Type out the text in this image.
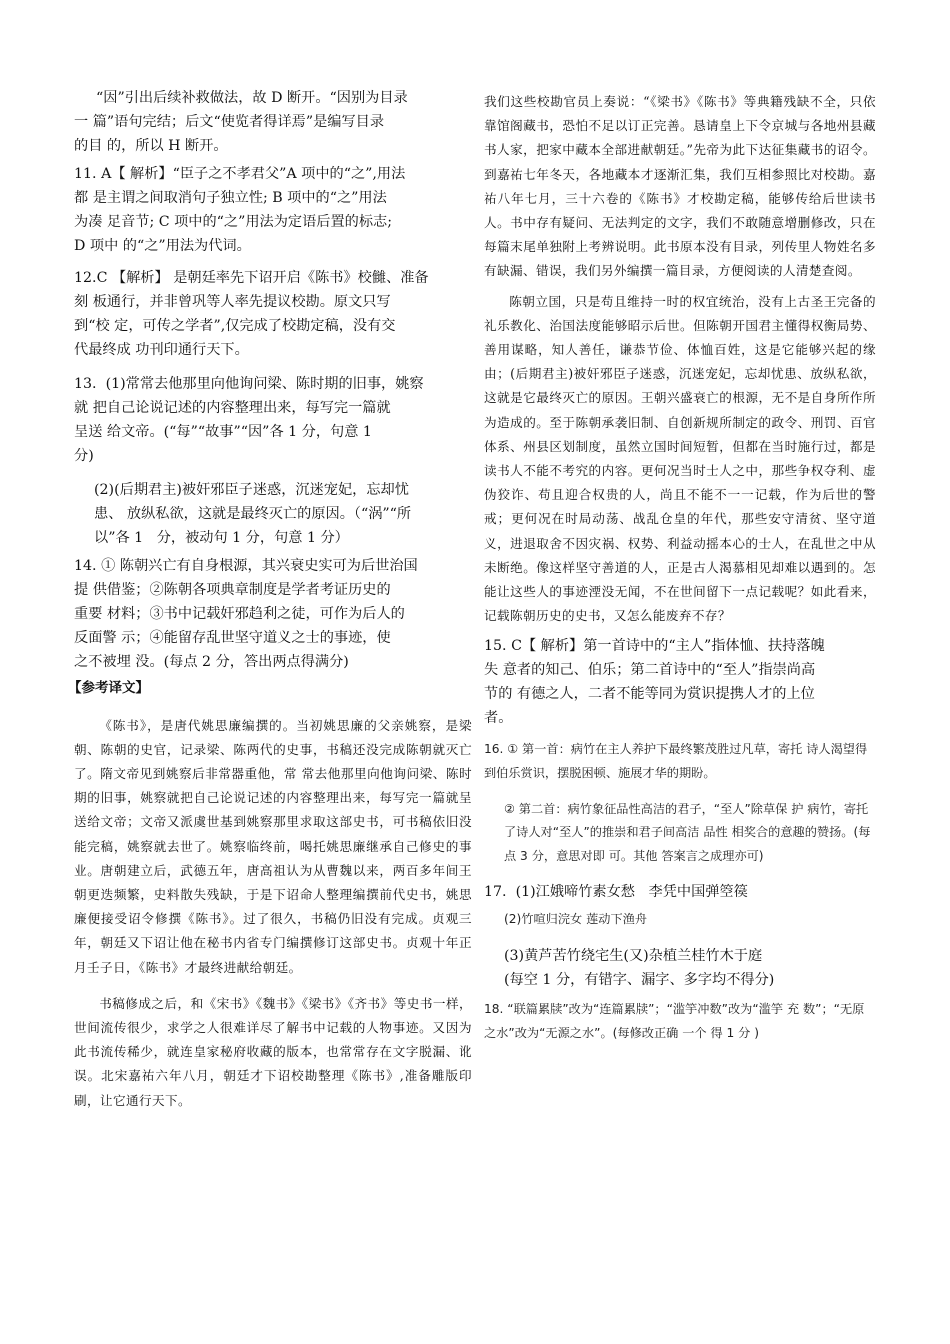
“因”引出后续补救做法，故 D 断开。“因别为目录
一 篇”语句完结；后文“使览者得详焉”是编写目录
的目 的，所以 H 断开。

11. A【 解析】“臣子之不孝君父”A 项中的“之”,用法
都 是主谓之间取消句子独立性; B 项中的“之”用法
为凑 足音节; C 项中的“之”用法为定语后置的标志;
D 项中 的“之”用法为代词。

12.C 【解析】 是朝廷率先下诏开启《陈书》校雠、准备
刻 板通行，并非曾巩等人率先提议校勘。原文只写
到“校 定，可传之学者”,仅完成了校勘定稿，没有交
代最终成 功刊印通行天下。

13.  (1)常常去他那里向他询问梁、陈时期的旧事，姚察
就 把自己论说记述的内容整理出来，每写完一篇就
呈送 给文帝。(“每”“故事”“因”各 1 分，句意 1
分)

(2)(后期君主)被奸邪臣子迷惑，沉迷宠妃，忘却忧
患、 放纵私欲，这就是最终灭亡的原因。（“涡”“所
以”各 1   分，被动句 1 分，句意 1 分）

14. ① 陈朝兴亡有自身根源，其兴衰史实可为后世治国
提 供借鉴；②陈朝各项典章制度是学者考证历史的
重要 材料；③书中记载奸邪趋利之徒，可作为后人的
反面警 示；④能留存乱世坚守道义之士的事迹，使
之不被埋 没。(每点 2 分，答出两点得满分)

【参考译文】

《陈书》，是唐代姚思廉编撰的。当初姚思廉的父亲姚察，是梁朝、陈朝的史官，记录梁、陈两代的史事，书稿还没完成陈朝就灭亡了。隋文帝见到姚察后非常器重他，常 常去他那里向他询问梁、陈时期的旧事，姚察就把自己论说记述的内容整理出来，每写完一篇就呈送给文帝；文帝又派虞世基到姚察那里求取这部史书，可书稿依旧没能完稿，姚察就去世了。姚察临终前，喝托姚思廉继承自己修史的事业。唐朝建立后，武德五年，唐高祖认为从曹魏以来，两百多年间王朝更迭频繁，史料散失残缺，于是下诏命人整理编撰前代史书，姚思廉便接受诏令修撰《陈书》。过了很久，书稿仍旧没有完成。贞观三年，朝廷又下诏让他在秘书内省专门编撰修订这部史书。贞观十年正月壬子日，《陈书》才最终进献给朝廷。

书稿修成之后，和《宋书》《魏书》《梁书》《齐书》等史书一样，世间流传很少，求学之人很难详尽了解书中记载的人物事迹。又因为此书流传稀少，就连皇家秘府收藏的版本，也常常存在文字脱漏、讹误。北宋嘉祐六年八月，朝廷才下诏校勘整理《陈书》,准备雕版印刷，让它通行天下。

我们这些校勘官员上奏说：“《梁书》《陈书》等典籍残缺不全，只依靠馆阁藏书，恐怕不足以订正完善。恳请皇上下令京城与各地州县藏书人家，把家中藏本全部进献朝廷。”先帝为此下达征集藏书的诏令。到嘉祐七年冬天，各地藏本才逐渐汇集，我们互相参照比对校勘。嘉祐八年七月，三十六卷的《陈书》才校勘定稿，能够传给后世读书人。书中存有疑问、无法判定的文字，我们不敢随意增删修改，只在每篇末尾单独附上考辨说明。此书原本没有目录，列传里人物姓名多有缺漏、错误，我们另外编撰一篇目录，方便阅读的人清楚查阅。

陈朝立国，只是苟且维持一时的权宜统治，没有上古圣王完备的礼乐教化、治国法度能够昭示后世。但陈朝开国君主懂得权衡局势、善用谋略，知人善任，谦恭节俭、体恤百姓，这是它能够兴起的缘由；(后期君主)被奸邪臣子迷惑，沉迷宠妃，忘却忧患、放纵私欲，这就是它最终灭亡的原因。王朝兴盛衰亡的根源，无不是自身所作所为造成的。至于陈朝承袭旧制、自创新规所制定的政令、刑罚、百官体系、州县区划制度，虽然立国时间短暂，但都在当时施行过，都是读书人不能不考究的内容。更何况当时士人之中，那些争权夺利、虚伪狡诈、苟且迎合权贵的人，尚且不能不一一记载，作为后世的警戒；更何况在时局动荡、战乱仓皇的年代，那些安守清贫、坚守道义，进退取舍不因灾祸、权势、利益动摇本心的士人，在乱世之中从未断绝。像这样坚守善道的人，正是古人渴慕相见却难以遇到的。怎能让这些人的事迹湮没无闻，不在世间留下一点记载呢？如此看来，记载陈朝历史的史书，又怎么能废弃不存？

15. C【 解析】第一首诗中的“主人”指体恤、扶持落魄
失 意者的知己、伯乐；第二首诗中的“至人”指崇尚高
节的 有德之人，二者不能等同为赏识提携人才的上位
者。

16. ① 第一首：病竹在主人养护下最终繁茂胜过凡草，寄托 诗人渴望得到伯乐赏识，摆脱困顿、施展才华的期盼。

② 第二首：病竹象征品性高洁的君子，“至人”除草保 护 病竹，寄托了诗人对“至人”的推崇和君子间高洁 品性 相奖合的意趣的赞扬。(每点 3 分，意思对即 可。其他 答案言之成理亦可)

17.  (1)江娥啼竹素女愁   李凭中国弹箜篌

(2)竹喧归浣女 莲动下渔舟

(3)黄芦苦竹绕宅生(又)杂植兰桂竹木于庭
(每空 1 分，有错字、漏字、多字均不得分)

18. “联篇累牍”改为“连篇累牍”；“滥竽冲数”改为“滥竽 充 数”；“无原之水”改为“无源之水”。(每修改正确 一个 得 1 分 )
